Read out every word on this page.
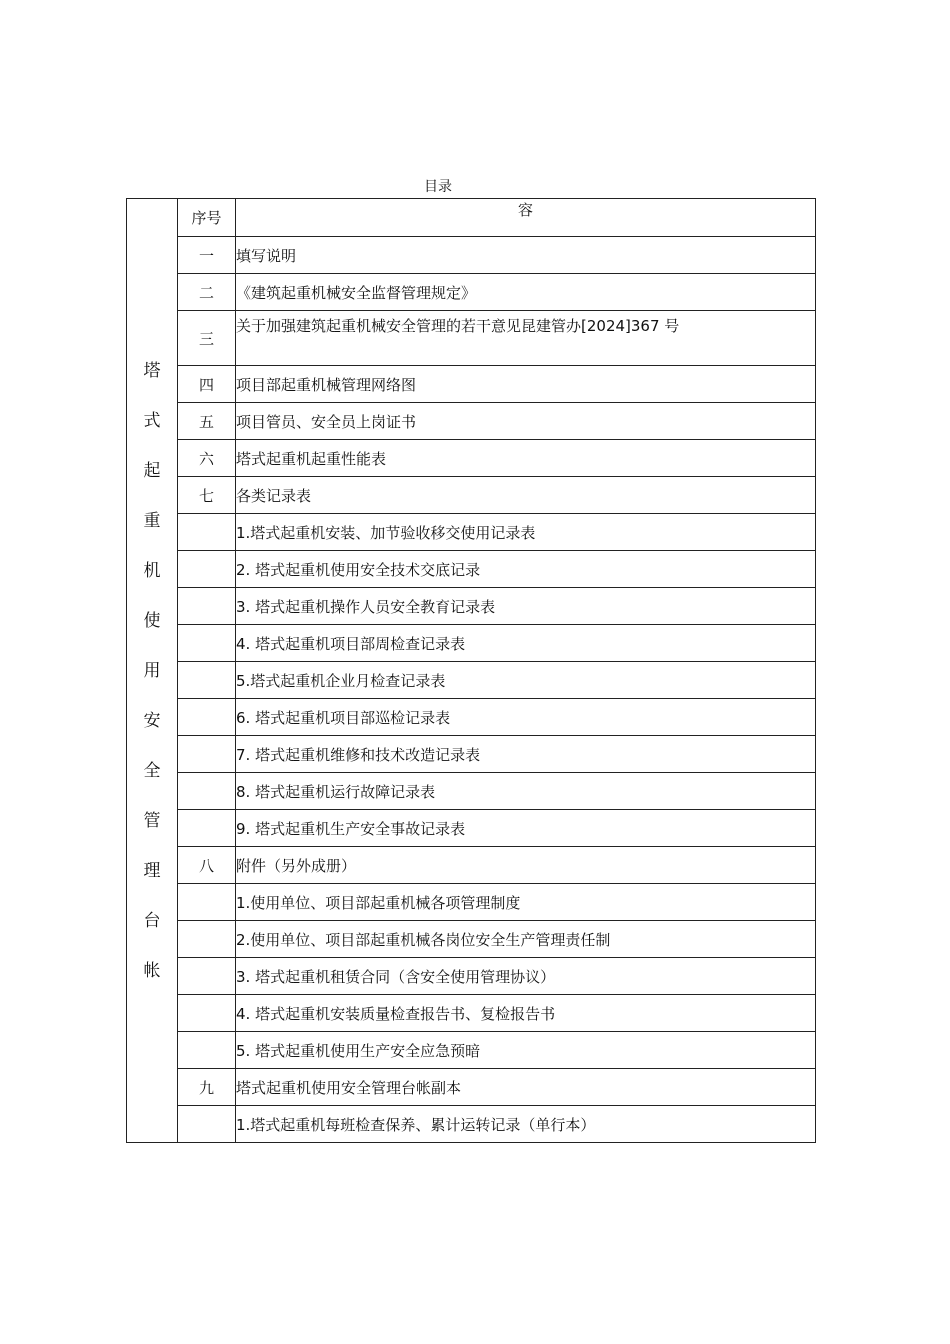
目录
塔式起重机使用安全管理台帐	序号	容
	一	填写说明
	二	《建筑起重机械安全监督管理规定》
	三	关于加强建筑起重机械安全管理的若干意见昆建管办[2024]367 号
	四	项目部起重机械管理网络图
	五	项目管员、安全员上岗证书
	六	塔式起重机起重性能表
	七	各类记录表
		1.塔式起重机安装、加节验收移交使用记录表
		2. 塔式起重机使用安全技术交底记录
		3. 塔式起重机操作人员安全教育记录表
		4. 塔式起重机项目部周检查记录表
		5.塔式起重机企业月检查记录表
		6. 塔式起重机项目部巡检记录表
		7. 塔式起重机维修和技术改造记录表
		8. 塔式起重机运行故障记录表
		9. 塔式起重机生产安全事故记录表
	八	附件（另外成册）
		1.使用单位、项目部起重机械各项管理制度
		2.使用单位、项目部起重机械各岗位安全生产管理责任制
		3. 塔式起重机租赁合同（含安全使用管理协议）
		4. 塔式起重机安装质量检查报告书、复检报告书
		5. 塔式起重机使用生产安全应急预暗
	九	塔式起重机使用安全管理台帐副本
		1.塔式起重机每班检查保养、累计运转记录（单行本）
